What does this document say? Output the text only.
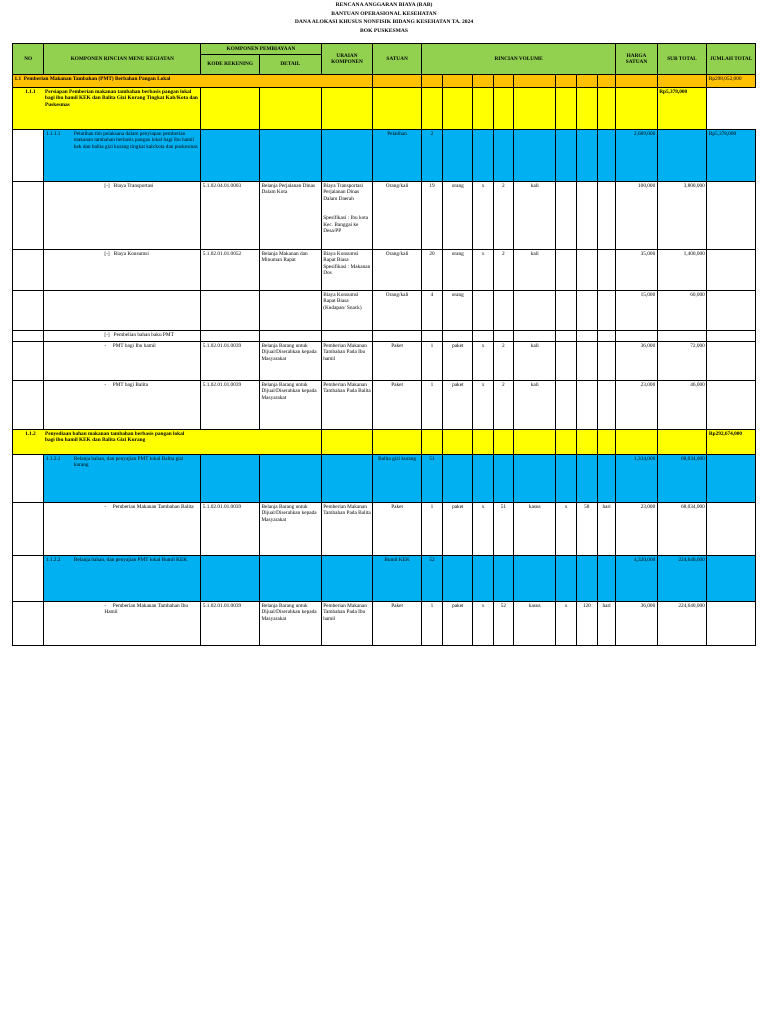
RENCANA ANGGARAN BIAYA (RAB)
BANTUAN OPERASIONAL KESEHATAN
DANA ALOKASI KHUSUS NONFISIK BIDANG KESEHATAN TA. 2024
BOK PUSKESMAS
NO	KOMPONEN RINCIAN MENU KEGIATAN	KOMPONEN PEMBIAYAAN	URAIAN KOMPONEN	SATUAN	RINCIAN VOLUME	HARGA SATUAN	SUB TOTAL	JUMLAH TOTAL
KODE REKENING	DETAIL
1.1 Pemberian Makanan Tambahan (PMT) Berbahan Pangan Lokal												Rp298,052,000

1.1.1	Persiapan Pemberian makanan tambahan berbasis pangan lokal bagi ibu hamil KEK dan Balita Gizi Kurang Tingkat Kab/Kota dan Puskesmas
														Rp5,378,000

1.1.1.1	Pelatihan tim pelaksana dalam penyiapan pemberian makanan tambahan berbasis pangan lokal bagi ibu hamil kek dan balita gizi kurang tingkat kab/kota dan puskesmas
				Pelatihan	2								2,689,000		Rp5,378,000
	[-] Biaya Transportasi	5.1.02.04.01.0003	Belanja Perjalanan Dinas Dalam Kota	
Biaya Transportasi Perjalanan Dinas Dalam Daerah
Spesifikasi : Ibu kota Kec. Banggai ke Desa/PP
	Orang/kali	19	orang	x	2	kali				100,000	3,800,000	
	[-] Biaya Konsumsi	5.1.02.01.01.0052	Belanja Makanan dan Minuman Rapat	Biaya Konsumsi Rapat Biasa Spesifikasi : Makanan Dos	Orang/kali	20	orang	x	2	kali				35,000	1,400,000	
				Biaya Konsumsi Rapat Biasa (Kudapan/ Snack)	Orang/kali	4	orang							15,000	60,000	
	[-] Pembelian bahan baku PMT															
	- PMT bagi Ibu hamil	5.1.02.01.01.0039	Belanja Barang untuk Dijual/Diserahkan kepada Masyarakat	Pemberian Makanan Tambahan Pada Ibu hamil	Paket	1	paket	x	2	kali				36,000	72,000	
	- PMT bagi Balita	5.1.02.01.01.0039	Belanja Barang untuk Dijual/Diserahkan kepada Masyarakat	Pemberian Makanan Tambahan Pada Balita	Paket	1	paket	x	2	kali				23,000	46,000	

1.1.2	Penyediaan bahan makanan tambahan berbasis pangan lokal bagi ibu hamil KEK dan Balita Gizi Kurang
													Rp292,674,000

1.1.2.1	Belanja bahan, dan penyajian PMT lokal Balita gizi kurang
				Balita gizi kurang	51								1,334,000	68,034,000	
	- Pemberian Makanan Tambahan Balita	5.1.02.01.01.0039	Belanja Barang untuk Dijual/Diserahkan kepada Masyarakat	Pemberian Makanan Tambahan Pada Balita	Paket	1	paket	x	51	kasus	x	58	hari	23,000	68,034,000	

1.1.2.2	Belanja bahan, dan penyajian PMT lokal Bumil KEK
					Bumil KEK	52								4,320,000	224,640,000	
	- Pemberian Makanan Tambahan Ibu Hamil	5.1.02.01.01.0039	Belanja Barang untuk Dijual/Diserahkan kepada Masyarakat	Pemberian Makanan Tambahan Pada Ibu hamil	Paket	1	paket	x	52	kasus	x	120	hari	36,000	224,640,000	
